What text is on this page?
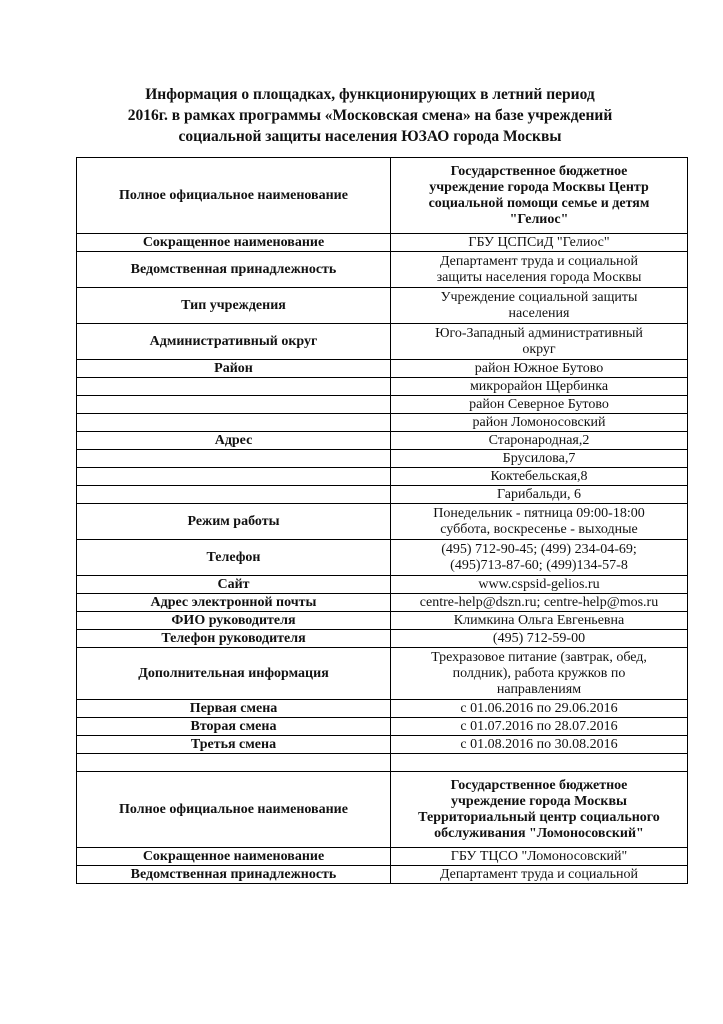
Информация о площадках, функционирующих в летний период
2016г. в рамках программы «Московская смена» на базе учреждений
социальной защиты населения ЮЗАО города Москвы
Полное официальное наименование	Государственное бюджетное
учреждение города Москвы Центр
социальной помощи семье и детям
"Гелиос"

Сокращенное наименование	ГБУ ЦСПСиД "Гелиос"

Ведомственная принадлежность	Департамент труда и социальной
защиты населения города Москвы

Тип учреждения	Учреждение социальной защиты
населения

Административный округ	Юго-Западный административный
округ

Район	район Южное Бутово

	микрорайон Щербинка

	район Северное Бутово

	район Ломоносовский

Адрес	Старонародная,2

	Брусилова,7

	Коктебельская,8

	Гарибальди, 6

Режим работы	Понедельник - пятница 09:00-18:00
суббота, воскресенье - выходные

Телефон	(495) 712-90-45; (499) 234-04-69;
(495)713-87-60; (499)134-57-8

Сайт	www.cspsid-gelios.ru

Адрес электронной почты	centre-help@dszn.ru; centre-help@mos.ru

ФИО руководителя	Климкина Ольга Евгеньевна

Телефон руководителя	(495) 712-59-00

Дополнительная информация	Трехразовое питание (завтрак, обед,
полдник), работа кружков по
направлениям

Первая смена	с 01.06.2016 по 29.06.2016

Вторая смена	с 01.07.2016 по 28.07.2016

Третья смена	с 01.08.2016 по 30.08.2016

Полное официальное наименование	Государственное бюджетное
учреждение города Москвы
Территориальный центр социального
обслуживания "Ломоносовский"

Сокращенное наименование	ГБУ ТЦСО "Ломоносовский"

Ведомственная принадлежность	Департамент труда и социальной
